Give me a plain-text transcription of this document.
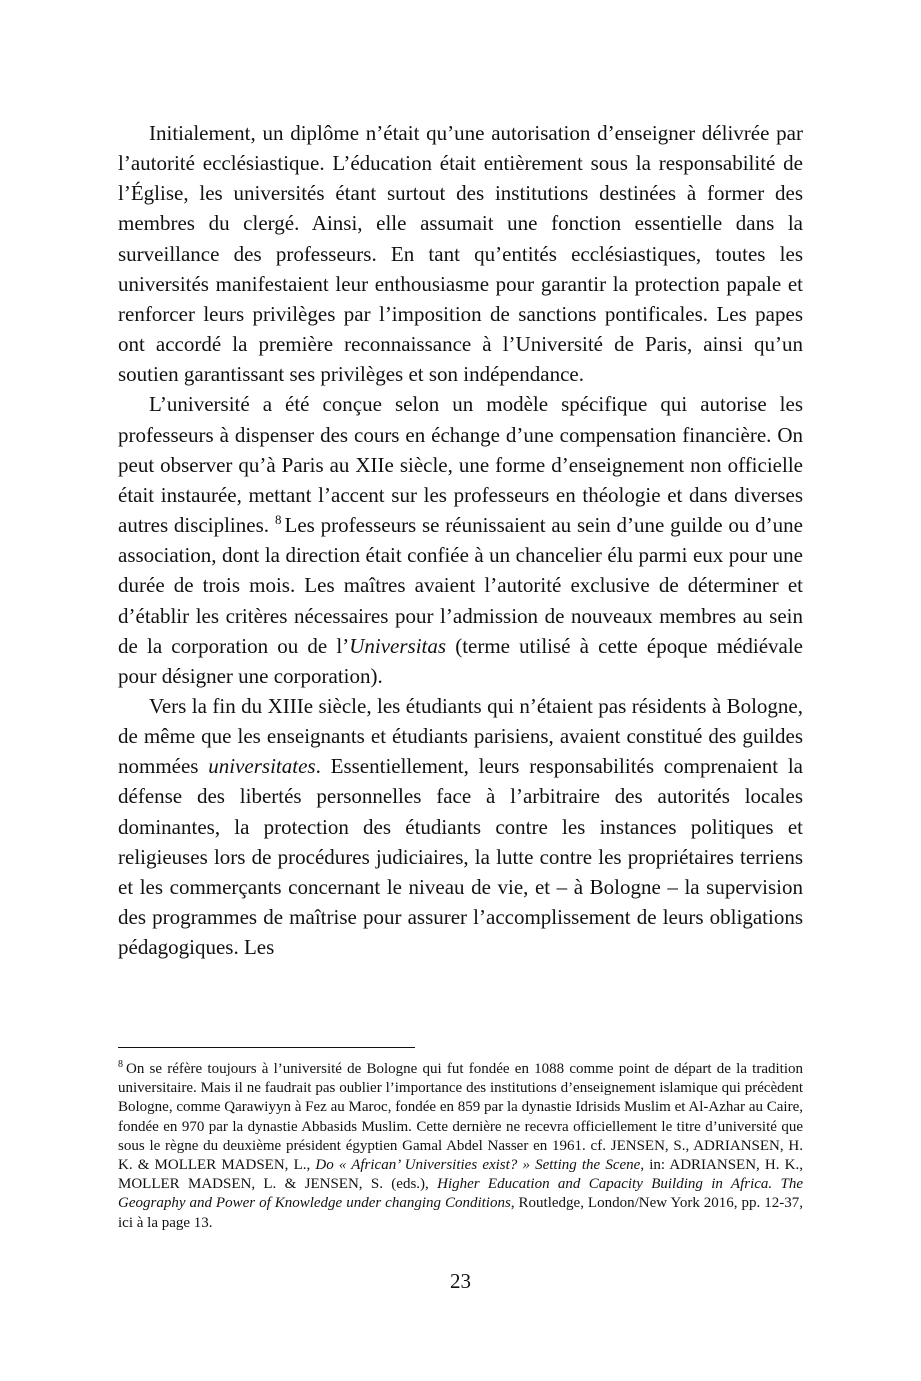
Initialement, un diplôme n’était qu’une autorisation d’enseigner délivrée par l’autorité ecclésiastique. L’éducation était entièrement sous la responsabilité de l’Église, les universités étant surtout des institutions destinées à former des membres du clergé. Ainsi, elle assumait une fonction essentielle dans la surveillance des professeurs. En tant qu’entités ecclésiastiques, toutes les universités manifestaient leur enthousiasme pour garantir la protection papale et renforcer leurs privilèges par l’imposition de sanctions pontificales. Les papes ont accordé la première reconnaissance à l’Université de Paris, ainsi qu’un soutien garantissant ses privilèges et son indépendance.

L’université a été conçue selon un modèle spécifique qui autorise les professeurs à dispenser des cours en échange d’une compensation financière. On peut observer qu’à Paris au XIIe siècle, une forme d’enseignement non officielle était instaurée, mettant l’accent sur les professeurs en théologie et dans diverses autres disciplines. $^8$ Les professeurs se réunissaient au sein d’une guilde ou d’une association, dont la direction était confiée à un chancelier élu parmi eux pour une durée de trois mois. Les maîtres avaient l’autorité exclusive de déterminer et d’établir les critères nécessaires pour l’admission de nouveaux membres au sein de la corporation ou de l’Universitas (terme utilisé à cette époque médiévale pour désigner une corporation).

Vers la fin du XIIIe siècle, les étudiants qui n’étaient pas résidents à Bologne, de même que les enseignants et étudiants parisiens, avaient constitué des guildes nommées universitates. Essentiellement, leurs responsabilités comprenaient la défense des libertés personnelles face à l’arbitraire des autorités locales dominantes, la protection des étudiants contre les instances politiques et religieuses lors de procédures judiciaires, la lutte contre les propriétaires terriens et les commerçants concernant le niveau de vie, et – à Bologne – la supervision des programmes de maîtrise pour assurer l’accomplissement de leurs obligations pédagogiques. Les

$^8$ On se réfère toujours à l’université de Bologne qui fut fondée en 1088 comme point de départ de la tradition universitaire. Mais il ne faudrait pas oublier l’importance des institutions d’enseignement islamique qui précèdent Bologne, comme Qarawiyyn à Fez au Maroc, fondée en 859 par la dynastie Idrisids Muslim et Al-Azhar au Caire, fondée en 970 par la dynastie Abbasids Muslim. Cette dernière ne recevra officiellement le titre d’université que sous le règne du deuxième président égyptien Gamal Abdel Nasser en 1961. cf. JENSEN, S., ADRIANSEN, H. K. & MOLLER MADSEN, L., Do « African’ Universities exist? » Setting the Scene, in: ADRIANSEN, H. K., MOLLER MADSEN, L. & JENSEN, S. (eds.), Higher Education and Capacity Building in Africa. The Geography and Power of Knowledge under changing Conditions, Routledge, London/New York 2016, pp. 12-37, ici à la page 13.

23
